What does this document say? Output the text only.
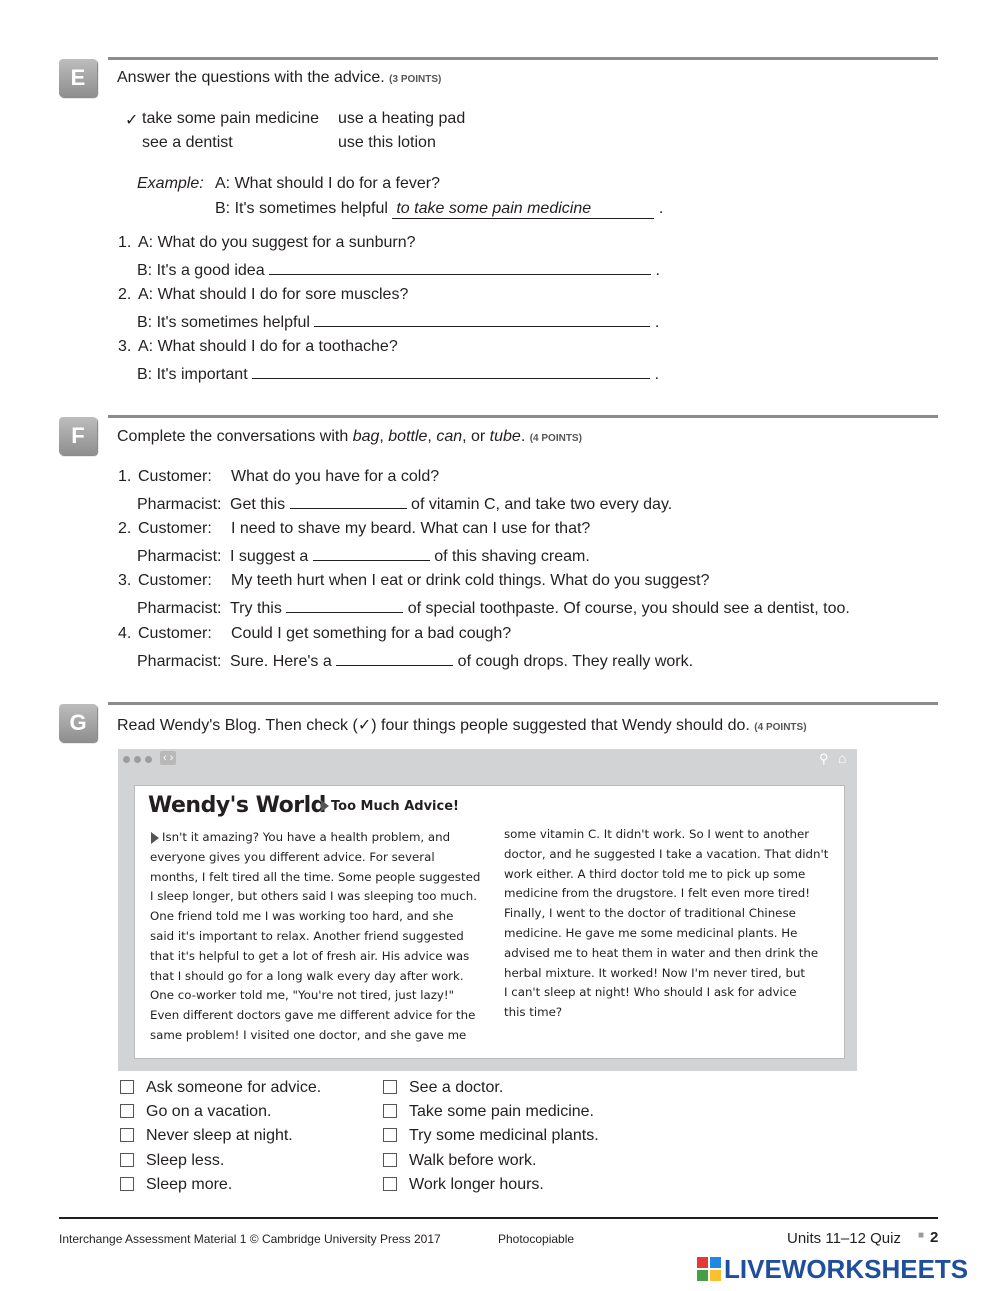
E	Answer the questions with the advice. (3 POINTS)
✓ take some pain medicine use a heating pad
see a dentist	use this lotion
Example: A: What should I do for a fever?
B: It's sometimes helpful to take some pain medicine	.
1. A: What do you suggest for a sunburn?
B: It's a good idea	.
2. A: What should I do for sore muscles?
B: It's sometimes helpful	.
3. A: What should I do for a toothache?
B: It's important	.
F	Complete the conversations with bag, bottle, can, or tube. (4 POINTS)
1. Customer: What do you have for a cold?
Pharmacist: Get this	of vitamin C, and take two every day.
2. Customer: I need to shave my beard. What can I use for that?
Pharmacist: I suggest a	of this shaving cream.
3. Customer: My teeth hurt when I eat or drink cold things. What do you suggest?
Pharmacist: Try this	of special toothpaste. Of course, you should see a dentist, too.
4. Customer: Could I get something for a bad cough?
Pharmacist: Sure. Here's a	of cough drops. They really work.
G	Read Wendy's Blog. Then check (✓) four things people suggested that Wendy should do. (4 POINTS)
‹ ›	⚲ ⌂
Wendy's World Too Much Advice!
Isn't it amazing? You have a health problem, and
everyone gives you different advice. For several
months, I felt tired all the time. Some people suggested
I sleep longer, but others said I was sleeping too much.
One friend told me I was working too hard, and she
said it's important to relax. Another friend suggested
that it's helpful to get a lot of fresh air. His advice was
that I should go for a long walk every day after work.
One co-worker told me, "You're not tired, just lazy!"
Even different doctors gave me different advice for the
same problem! I visited one doctor, and she gave me
some vitamin C. It didn't work. So I went to another
doctor, and he suggested I take a vacation. That didn't
work either. A third doctor told me to pick up some
medicine from the drugstore. I felt even more tired!
Finally, I went to the doctor of traditional Chinese
medicine. He gave me some medicinal plants. He
advised me to heat them in water and then drink the
herbal mixture. It worked! Now I'm never tired, but
I can't sleep at night! Who should I ask for advice
this time?
Ask someone for advice.
Go on a vacation.
Never sleep at night.
Sleep less.
Sleep more.
See a doctor.
Take some pain medicine.
Try some medicinal plants.
Walk before work.
Work longer hours.
Interchange Assessment Material 1 © Cambridge University Press 2017	Photocopiable	Units 11–12 Quiz ■ 2
LIVEWORKSHEETS
